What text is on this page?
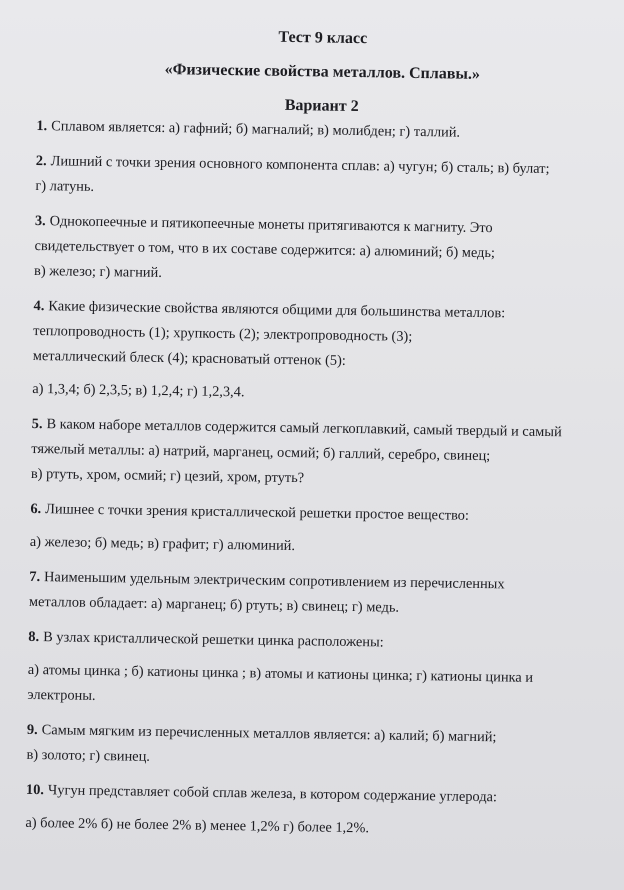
Тест 9 класс
«Физические свойства металлов. Сплавы.»
Вариант 2
1. Сплавом является: а) гафний; б) магналий; в) молибден; г) таллий.
2. Лишний с точки зрения основного компонента сплав: а) чугун; б) сталь; в) булат;
г) латунь.
3. Однокопеечные и пятикопеечные монеты притягиваются к магниту. Это
свидетельствует о том, что в их составе содержится: а) алюминий; б) медь;
в) железо; г) магний.
4. Какие физические свойства являются общими для большинства металлов:
теплопроводность (1); хрупкость (2); электропроводность (3);
металлический блеск (4); красноватый оттенок (5):
а) 1,3,4; б) 2,3,5; в) 1,2,4; г) 1,2,3,4.
5. В каком наборе металлов содержится самый легкоплавкий, самый твердый и самый
тяжелый металлы: а) натрий, марганец, осмий; б) галлий, серебро, свинец;
в) ртуть, хром, осмий; г) цезий, хром, ртуть?
6. Лишнее с точки зрения кристаллической решетки простое вещество:
а) железо; б) медь; в) графит; г) алюминий.
7. Наименьшим удельным электрическим сопротивлением из перечисленных
металлов обладает: а) марганец; б) ртуть; в) свинец; г) медь.
8. В узлах кристаллической решетки цинка расположены:
а) атомы цинка ; б) катионы цинка ; в) атомы и катионы цинка; г) катионы цинка и
электроны.
9. Самым мягким из перечисленных металлов является: а) калий; б) магний;
в) золото; г) свинец.
10. Чугун представляет собой сплав железа, в котором содержание углерода:
а) более 2% б) не более 2% в) менее 1,2% г) более 1,2%.
